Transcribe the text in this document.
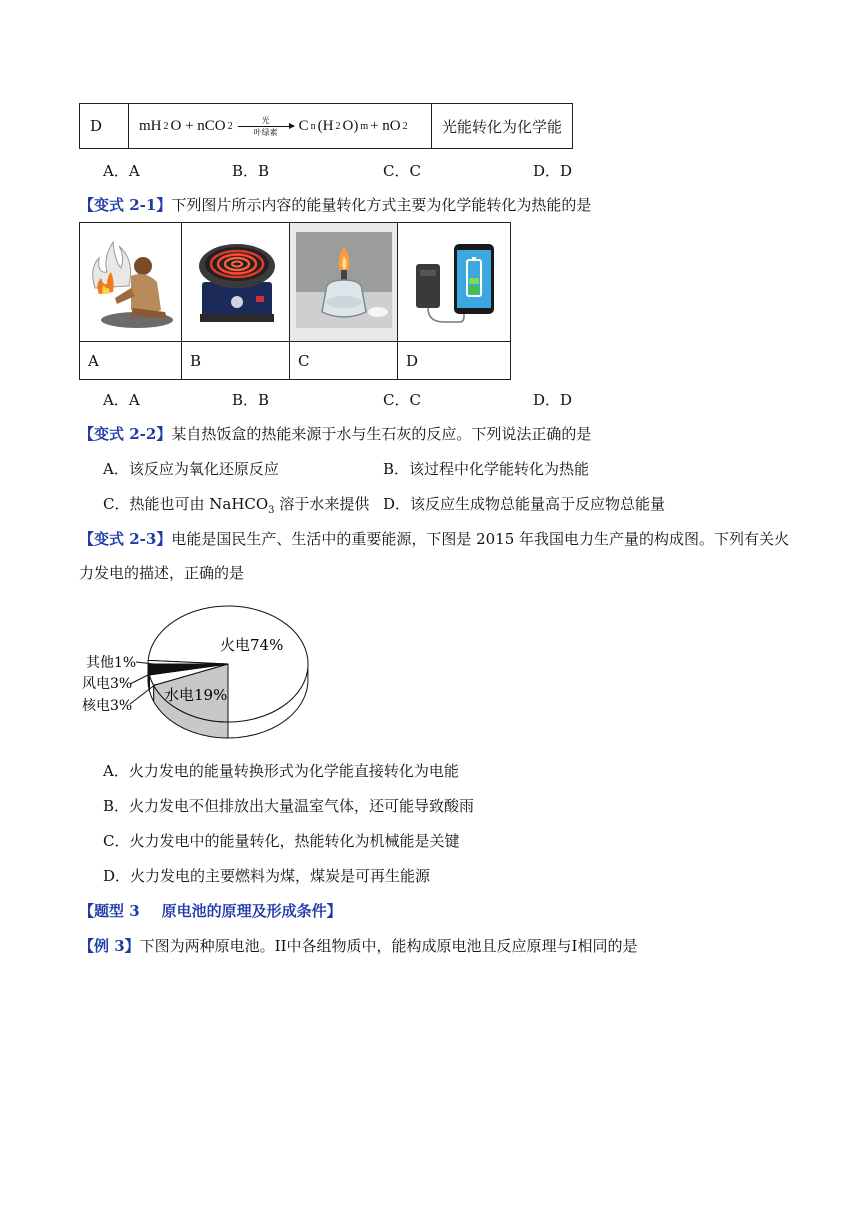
D	mH 2 O + nCO 2
光
叶绿素 C n (H 2 O) m + nO 2	光能转化为化学能
A．A	B．B	C．C	D．D
【变式 2-1】下列图片所示内容的能量转化方式主要为化学能转化为热能的是

A	B	C	D
A．A	B．B	C．C	D．D
【变式 2-2】某自热饭盒的热能来源于水与生石灰的反应。下列说法正确的是
A．该反应为氧化还原反应	B．该过程中化学能转化为热能
C．热能也可由 NaHCO$_3$ 溶于水来提供 D．该反应生成物总能量高于反应物总能量
【变式 2-3】电能是国民生产、生活中的重要能源，下图是 2015 年我国电力生产量的构成图。下列有关火
力发电的描述，正确的是
火电74%
水电19%
核电3%
风电3%
其他1%
A．火力发电的能量转换形式为化学能直接转化为电能
B．火力发电不但排放出大量温室气体，还可能导致酸雨
C．火力发电中的能量转化，热能转化为机械能是关键
D．火力发电的主要燃料为煤，煤炭是可再生能源
【题型 3 原电池的原理及形成条件】
【例 3】下图为两种原电池。II中各组物质中，能构成原电池且反应原理与I相同的是
